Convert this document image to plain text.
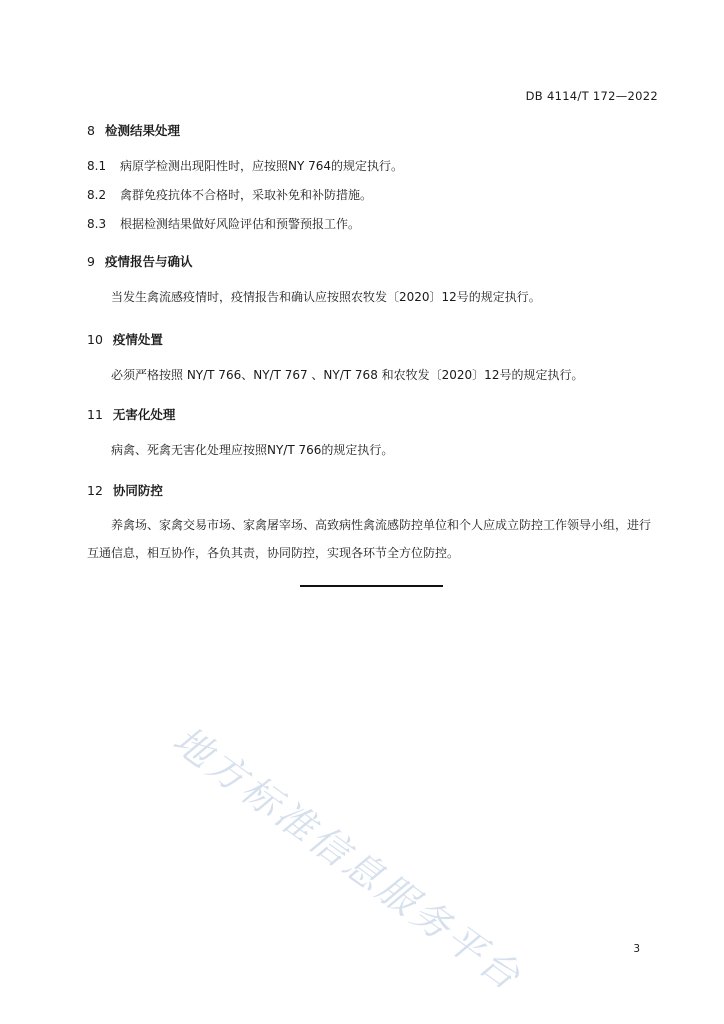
DB 4114/T 172—2022
8 检测结果处理
8.1 病原学检测出现阳性时，应按照NY 764的规定执行。
8.2 禽群免疫抗体不合格时，采取补免和补防措施。
8.3 根据检测结果做好风险评估和预警预报工作。
9 疫情报告与确认
当发生禽流感疫情时，疫情报告和确认应按照农牧发〔2020〕12号的规定执行。
10 疫情处置
必须严格按照 NY/T 766、NY/T 767 、NY/T 768 和农牧发〔2020〕12号的规定执行。
11 无害化处理
病禽、死禽无害化处理应按照NY/T 766的规定执行。
12 协同防控
养禽场、家禽交易市场、家禽屠宰场、高致病性禽流感防控单位和个人应成立防控工作领导小组，进行互通信息，相互协作，各负其责，协同防控，实现各环节全方位防控。
地方标准信息服务平台	3
